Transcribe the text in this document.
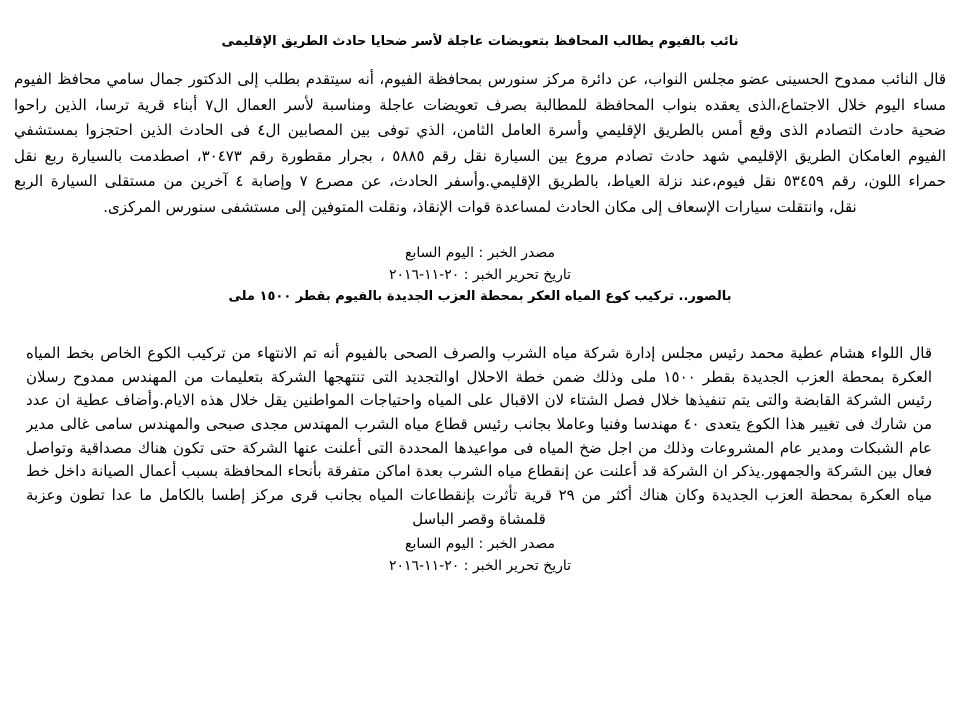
نائب بالفيوم يطالب المحافظ بتعويضات عاجلة لأسر ضحايا حادث الطريق الإقليمى
قال النائب ممدوح الحسينى عضو مجلس النواب، عن دائرة مركز سنورس بمحافظة الفيوم، أنه سيتقدم بطلب إلى الدكتور جمال سامي محافظ الفيوم
مساء اليوم خلال الاجتماع،الذى يعقده بنواب المحافظة للمطالبة بصرف تعويضات عاجلة ومناسبة لأسر العمال ال٧ أبناء قرية ترسا، الذين راحوا
ضحية حادث التصادم الذى وقع أمس بالطريق الإقليمي وأسرة العامل الثامن، الذي توفى بين المصابين ال٤ فى الحادث الذين احتجزوا بمستشفي
الفيوم العامكان الطريق الإقليمي شهد حادث تصادم مروع بين السيارة نقل رقم ٥٨٨٥ ، بجرار مقطورة رقم ٣٠٤٧٣، اصطدمت بالسيارة ربع نقل
حمراء اللون، رقم ٥٣٤٥٩ نقل فيوم،عند نزلة العياط، بالطريق الإقليمي.وأسفر الحادث، عن مصرع ٧ وإصابة ٤ آخرين من مستقلى السيارة الربع
نقل، وانتقلت سيارات الإسعاف إلى مكان الحادث لمساعدة قوات الإنقاذ، ونقلت المتوفين إلى مستشفى سنورس المركزى.
مصدر الخبر : اليوم السابع
تاريخ تحرير الخبر : ٢٠-١١-٢٠١٦
بالصور.. تركيب كوع المياه العكر بمحطة العزب الجديدة بالفيوم بقطر ١٥٠٠ ملى
قال اللواء هشام عطية محمد رئيس مجلس إدارة شركة مياه الشرب والصرف الصحى بالفيوم أنه تم الانتهاء من تركيب الكوع الخاص بخط المياه
العكرة بمحطة العزب الجديدة بقطر ١٥٠٠ ملى وذلك ضمن خطة الاحلال اوالتجديد التى تنتهجها الشركة بتعليمات من المهندس ممدوح رسلان
رئيس الشركة القابضة والتى يتم تنفيذها خلال فصل الشتاء لان الاقبال على المياه واحتياجات المواطنين يقل خلال هذه الايام.وأضاف عطية ان عدد
من شارك فى تغيير هذا الكوع يتعدى ٤٠ مهندسا وفنيا وعاملا بجانب رئيس قطاع مياه الشرب المهندس مجدى صبحى والمهندس سامى غالى مدير
عام الشبكات ومدير عام المشروعات وذلك من اجل ضخ المياه فى مواعيدها المحددة التى أعلنت عنها الشركة حتى تكون هناك مصداقية وتواصل
فعال بين الشركة والجمهور.يذكر ان الشركة قد أعلنت عن إنقطاع مياه الشرب بعدة اماكن متفرقة بأنحاء المحافظة بسبب أعمال الصيانة داخل خط
مياه العكرة بمحطة العزب الجديدة وكان هناك أكثر من ٢٩ قرية تأثرت بإنقطاعات المياه بجانب قرى مركز إطسا بالكامل ما عدا تطون وعزبة
قلمشاة وقصر الباسل
مصدر الخبر : اليوم السابع
تاريخ تحرير الخبر : ٢٠-١١-٢٠١٦
